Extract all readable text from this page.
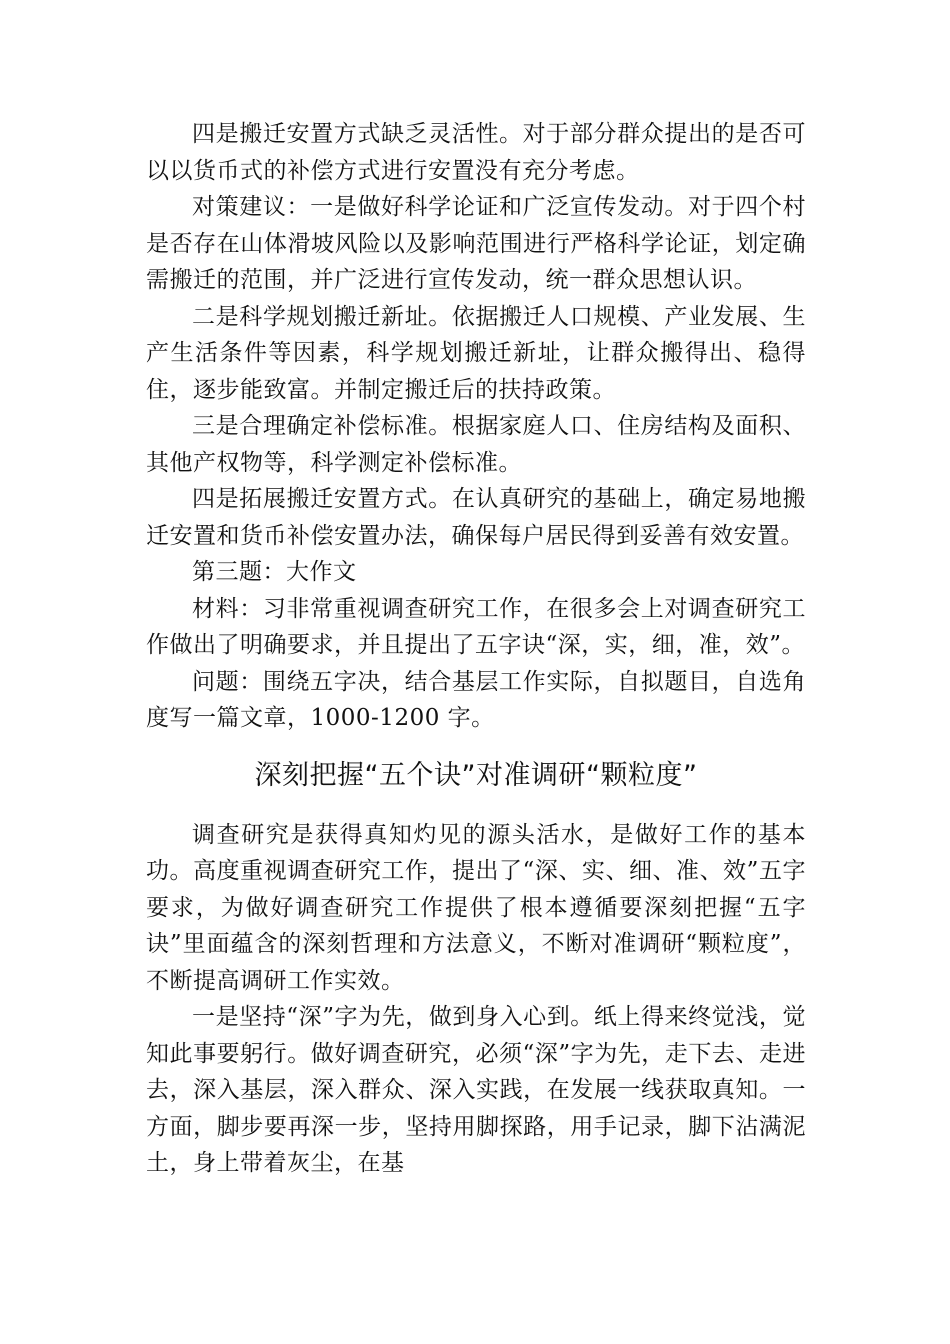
四是搬迁安置方式缺乏灵活性。对于部分群众提出的是否可以以货币式的补偿方式进行安置没有充分考虑。

对策建议：一是做好科学论证和广泛宣传发动。对于四个村是否存在山体滑坡风险以及影响范围进行严格科学论证，划定确需搬迁的范围，并广泛进行宣传发动，统一群众思想认识。

二是科学规划搬迁新址。依据搬迁人口规模、产业发展、生产生活条件等因素，科学规划搬迁新址，让群众搬得出、稳得住，逐步能致富。并制定搬迁后的扶持政策。

三是合理确定补偿标准。根据家庭人口、住房结构及面积、其他产权物等，科学测定补偿标准。

四是拓展搬迁安置方式。在认真研究的基础上，确定易地搬迁安置和货币补偿安置办法，确保每户居民得到妥善有效安置。

第三题：大作文

材料：习非常重视调查研究工作，在很多会上对调查研究工作做出了明确要求，并且提出了五字诀“深，实，细，准，效”。

问题：围绕五字决，结合基层工作实际，自拟题目，自选角度写一篇文章，1000-1200 字。

深刻把握“五个诀”对准调研“颗粒度”

调查研究是获得真知灼见的源头活水，是做好工作的基本功。高度重视调查研究工作，提出了“深、实、细、准、效”五字要求，为做好调查研究工作提供了根本遵循要深刻把握“五字诀”里面蕴含的深刻哲理和方法意义，不断对准调研“颗粒度”，不断提高调研工作实效。

一是坚持“深”字为先，做到身入心到。纸上得来终觉浅，觉知此事要躬行。做好调查研究，必须“深”字为先，走下去、走进去，深入基层，深入群众、深入实践，在发展一线获取真知。一方面，脚步要再深一步，坚持用脚探路，用手记录，脚下沾满泥土，身上带着灰尘，在基
